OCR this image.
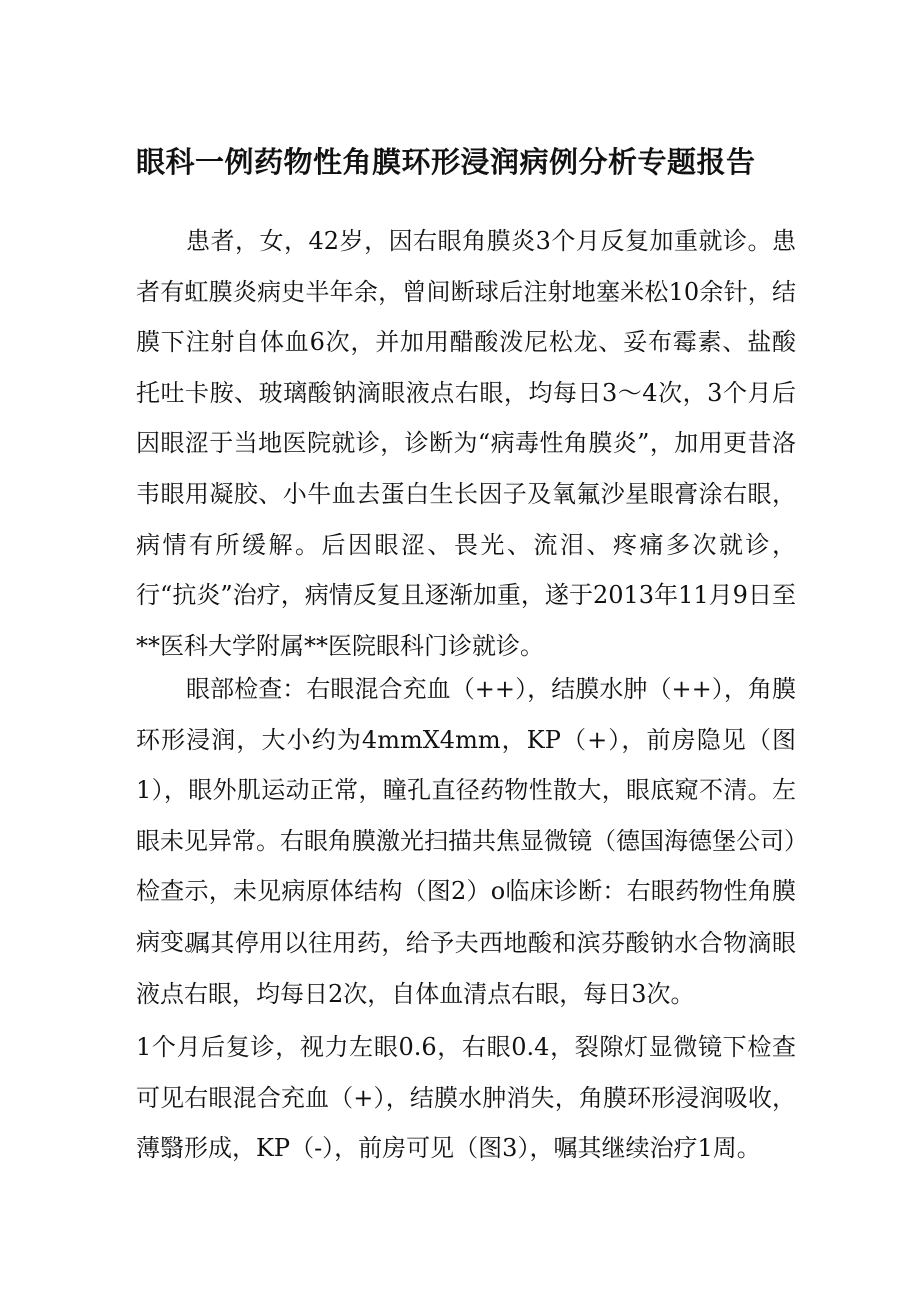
眼科一例药物性角膜环形浸润病例分析专题报告

患者，女，42岁，因右眼角膜炎3个月反复加重就诊。患者有虹膜炎病史半年余，曾间断球后注射地塞米松10余针，结膜下注射自体血6次，并加用醋酸泼尼松龙、妥布霉素、盐酸托吐卡胺、玻璃酸钠滴眼液点右眼，均每日3〜4次，3个月后因眼涩于当地医院就诊，诊断为“病毒性角膜炎”，加用更昔洛韦眼用凝胶、小牛血去蛋白生长因子及氧氟沙星眼膏涂右眼，病情有所缓解。后因眼涩、畏光、流泪、疼痛多次就诊，行“抗炎”治疗，病情反复且逐渐加重，遂于2013年11月9日至**医科大学附属**医院眼科门诊就诊。

眼部检查：右眼混合充血（++），结膜水肿（++），角膜环形浸润，大小约为4mmX4mm，KP（+），前房隐见（图1），眼外肌运动正常，瞳孔直径药物性散大，眼底窥不清。左眼未见异常。右眼角膜激光扫描共焦显微镜（德国海德堡公司）检查示，未见病原体结构（图2）o临床诊断：右眼药物性角膜病变。

嘱其停用以往用药，给予夫西地酸和滨芬酸钠水合物滴眼液点右眼，均每日2次，自体血清点右眼，每日3次。

1个月后复诊，视力左眼0.6，右眼0.4，裂隙灯显微镜下检查可见右眼混合充血（+），结膜水肿消失，角膜环形浸润吸收，薄翳形成，KP（-），前房可见（图3），嘱其继续治疗1周。
